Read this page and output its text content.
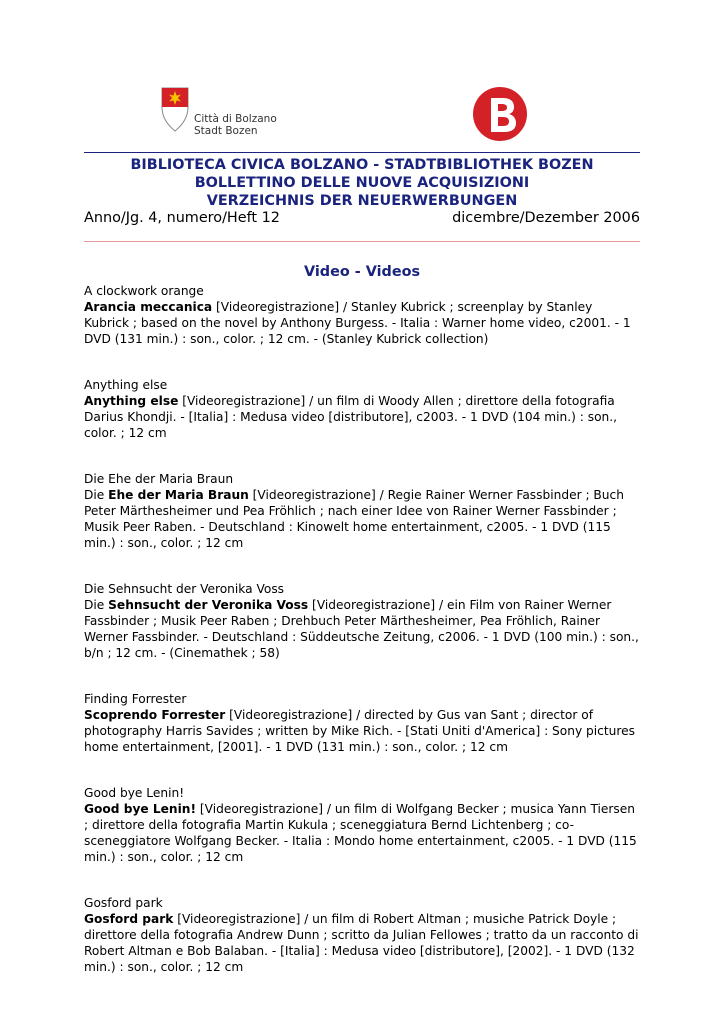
Città di Bolzano
Stadt Bozen
BIBLIOTECA CIVICA BOLZANO - STADTBIBLIOTHEK BOZEN
BOLLETTINO DELLE NUOVE ACQUISIZIONI
VERZEICHNIS DER NEUERWERBUNGEN
Anno/Jg. 4, numero/Heft 12	dicembre/Dezember 2006
Video - Videos
A clockwork orange
Arancia meccanica [Videoregistrazione] / Stanley Kubrick ; screenplay by Stanley Kubrick ; based on the novel by Anthony Burgess. - Italia : Warner home video, c2001. - 1 DVD (131 min.) : son., color. ; 12 cm. - (Stanley Kubrick collection)
Anything else
Anything else [Videoregistrazione] / un film di Woody Allen ; direttore della fotografia Darius Khondji. - [Italia] : Medusa video [distributore], c2003. - 1 DVD (104 min.) : son., color. ; 12 cm
Die Ehe der Maria Braun
Die Ehe der Maria Braun [Videoregistrazione] / Regie Rainer Werner Fassbinder ; Buch Peter Märthesheimer und Pea Fröhlich ; nach einer Idee von Rainer Werner Fassbinder ; Musik Peer Raben. - Deutschland : Kinowelt home entertainment, c2005. - 1 DVD (115 min.) : son., color. ; 12 cm
Die Sehnsucht der Veronika Voss
Die Sehnsucht der Veronika Voss [Videoregistrazione] / ein Film von Rainer Werner Fassbinder ; Musik Peer Raben ; Drehbuch Peter Märthesheimer, Pea Fröhlich, Rainer Werner Fassbinder. - Deutschland : Süddeutsche Zeitung, c2006. - 1 DVD (100 min.) : son., b/n ; 12 cm. - (Cinemathek ; 58)
Finding Forrester
Scoprendo Forrester [Videoregistrazione] / directed by Gus van Sant ; director of photography Harris Savides ; written by Mike Rich. - [Stati Uniti d'America] : Sony pictures home entertainment, [2001]. - 1 DVD (131 min.) : son., color. ; 12 cm
Good bye Lenin!
Good bye Lenin! [Videoregistrazione] / un film di Wolfgang Becker ; musica Yann Tiersen ; direttore della fotografia Martin Kukula ; sceneggiatura Bernd Lichtenberg ; co-sceneggiatore Wolfgang Becker. - Italia : Mondo home entertainment, c2005. - 1 DVD (115 min.) : son., color. ; 12 cm
Gosford park
Gosford park [Videoregistrazione] / un film di Robert Altman ; musiche Patrick Doyle ; direttore della fotografia Andrew Dunn ; scritto da Julian Fellowes ; tratto da un racconto di Robert Altman e Bob Balaban. - [Italia] : Medusa video [distributore], [2002]. - 1 DVD (132 min.) : son., color. ; 12 cm
